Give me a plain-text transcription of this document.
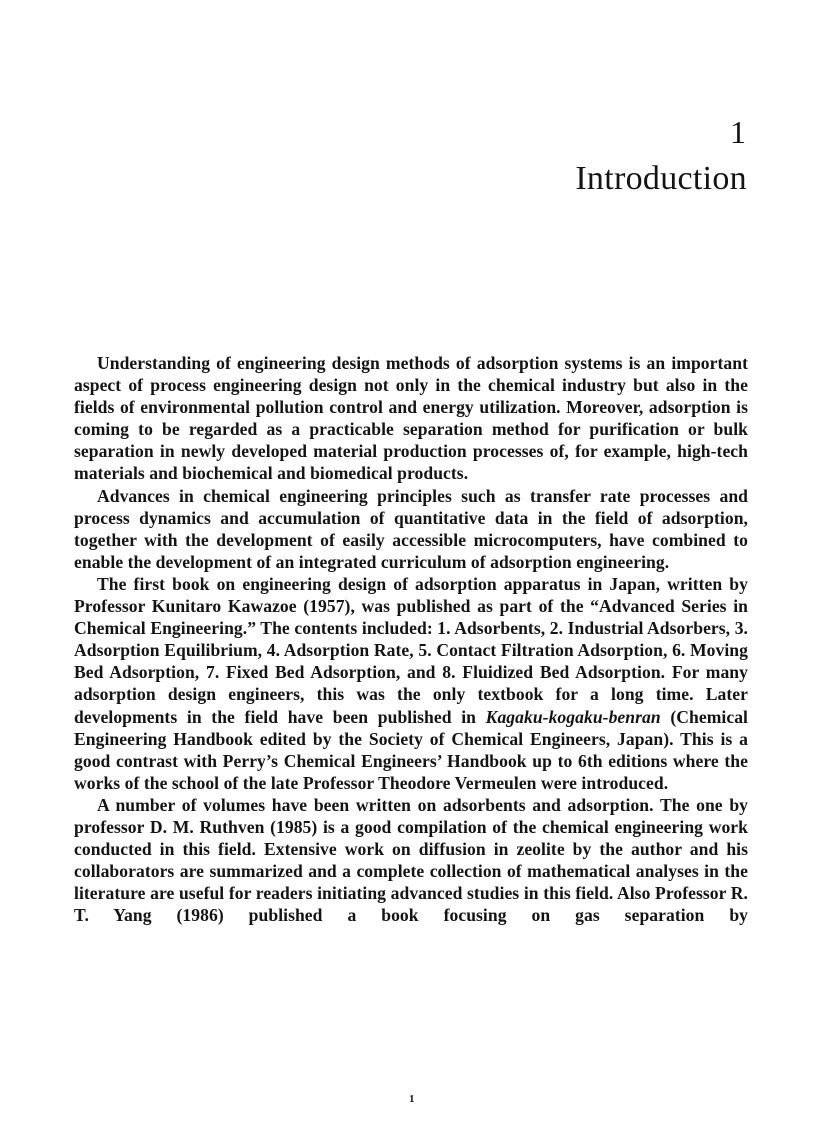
1
Introduction

Understanding of engineering design methods of adsorption systems is an important aspect of process engineering design not only in the chemical industry but also in the fields of environmental pollution control and energy utilization. Moreover, adsorption is coming to be regarded as a practicable separation method for purification or bulk separation in newly developed material production processes of, for example, high-tech materials and biochemical and biomedical products.

Advances in chemical engineering principles such as transfer rate processes and process dynamics and accumulation of quantitative data in the field of adsorption, together with the development of easily accessible microcomputers, have combined to enable the development of an integrated curriculum of adsorption engineering.

The first book on engineering design of adsorption apparatus in Japan, written by Professor Kunitaro Kawazoe (1957), was published as part of the “Advanced Series in Chemical Engineering.” The contents included: 1. Adsorbents, 2. Industrial Adsorbers, 3. Adsorption Equilibrium, 4. Adsorption Rate, 5. Contact Filtration Adsorption, 6. Moving Bed Adsorption, 7. Fixed Bed Adsorption, and 8. Fluidized Bed Adsorption. For many adsorption design engineers, this was the only textbook for a long time. Later developments in the field have been published in Kagaku-kogaku-benran (Chemical Engineering Handbook edited by the Society of Chemical Engineers, Japan). This is a good contrast with Perry’s Chemical Engineers’ Handbook up to 6th editions where the works of the school of the late Professor Theodore Vermeulen were introduced.

A number of volumes have been written on adsorbents and adsorption. The one by professor D. M. Ruthven (1985) is a good compilation of the chemical engineering work conducted in this field. Extensive work on diffusion in zeolite by the author and his collaborators are summarized and a complete collection of mathematical analyses in the literature are useful for readers initiating advanced studies in this field. Also Professor R. T. Yang (1986) published a book focusing on gas separation by

1
